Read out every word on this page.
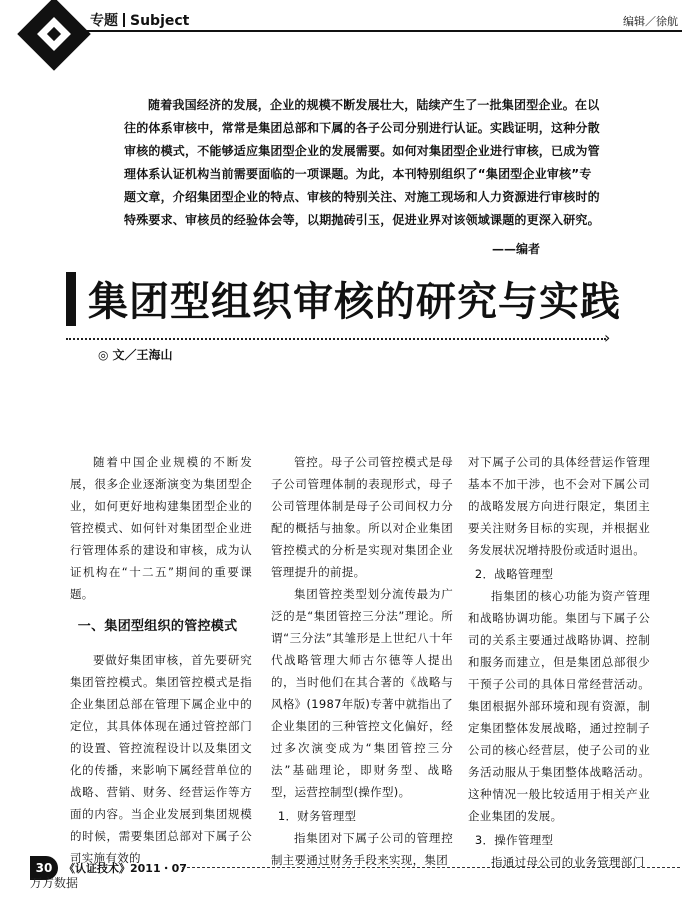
专题 Subject	编辑／徐航
随着我国经济的发展，企业的规模不断发展壮大，陆续产生了一批集团型企业。在以往的体系审核中，常常是集团总部和下属的各子公司分别进行认证。实践证明，这种分散审核的模式，不能够适应集团型企业的发展需要。如何对集团型企业进行审核，已成为管理体系认证机构当前需要面临的一项课题。为此，本刊特别组织了“集团型企业审核”专题文章，介绍集团型企业的特点、审核的特别关注、对施工现场和人力资源进行审核时的特殊要求、审核员的经验体会等，以期抛砖引玉，促进业界对该领域课题的更深入研究。
——编者
集团型组织审核的研究与实践
›
◎ 文／王海山

随着中国企业规模的不断发展，很多企业逐渐演变为集团型企业，如何更好地构建集团型企业的管控模式、如何针对集团型企业进行管理体系的建设和审核，成为认证机构在“十二五”期间的重要课题。

一、集团型组织的管控模式

要做好集团审核，首先要研究集团管控模式。集团管控模式是指企业集团总部在管理下属企业中的定位，其具体体现在通过管控部门的设置、管控流程设计以及集团文化的传播，来影响下属经营单位的战略、营销、财务、经营运作等方面的内容。当企业发展到集团规模的时候，需要集团总部对下属子公司实施有效的

管控。母子公司管控模式是母子公司管理体制的表现形式，母子公司管理体制是母子公司间权力分配的概括与抽象。所以对企业集团管控模式的分析是实现对集团企业管理提升的前提。

集团管控类型划分流传最为广泛的是“集团管控三分法”理论。所谓“三分法”其雏形是上世纪八十年代战略管理大师古尔德等人提出的，当时他们在其合著的《战略与风格》(1987年版)专著中就指出了企业集团的三种管控文化偏好，经过多次演变成为“集团管控三分法”基础理论，即财务型、战略型，运营控制型(操作型)。

1．财务管理型

指集团对下属子公司的管理控制主要通过财务手段来实现，集团

对下属子公司的具体经营运作管理基本不加干涉，也不会对下属公司的战略发展方向进行限定，集团主要关注财务目标的实现，并根据业务发展状况增持股份或适时退出。

2．战略管理型

指集团的核心功能为资产管理和战略协调功能。集团与下属子公司的关系主要通过战略协调、控制和服务而建立，但是集团总部很少干预子公司的具体日常经营活动。集团根据外部环境和现有资源，制定集团整体发展战略，通过控制子公司的核心经营层，使子公司的业务活动服从于集团整体战略活动。这种情况一般比较适用于相关产业企业集团的发展。

3．操作管理型

指通过母公司的业务管理部门

30	《认证技术》2011・07
万方数据
